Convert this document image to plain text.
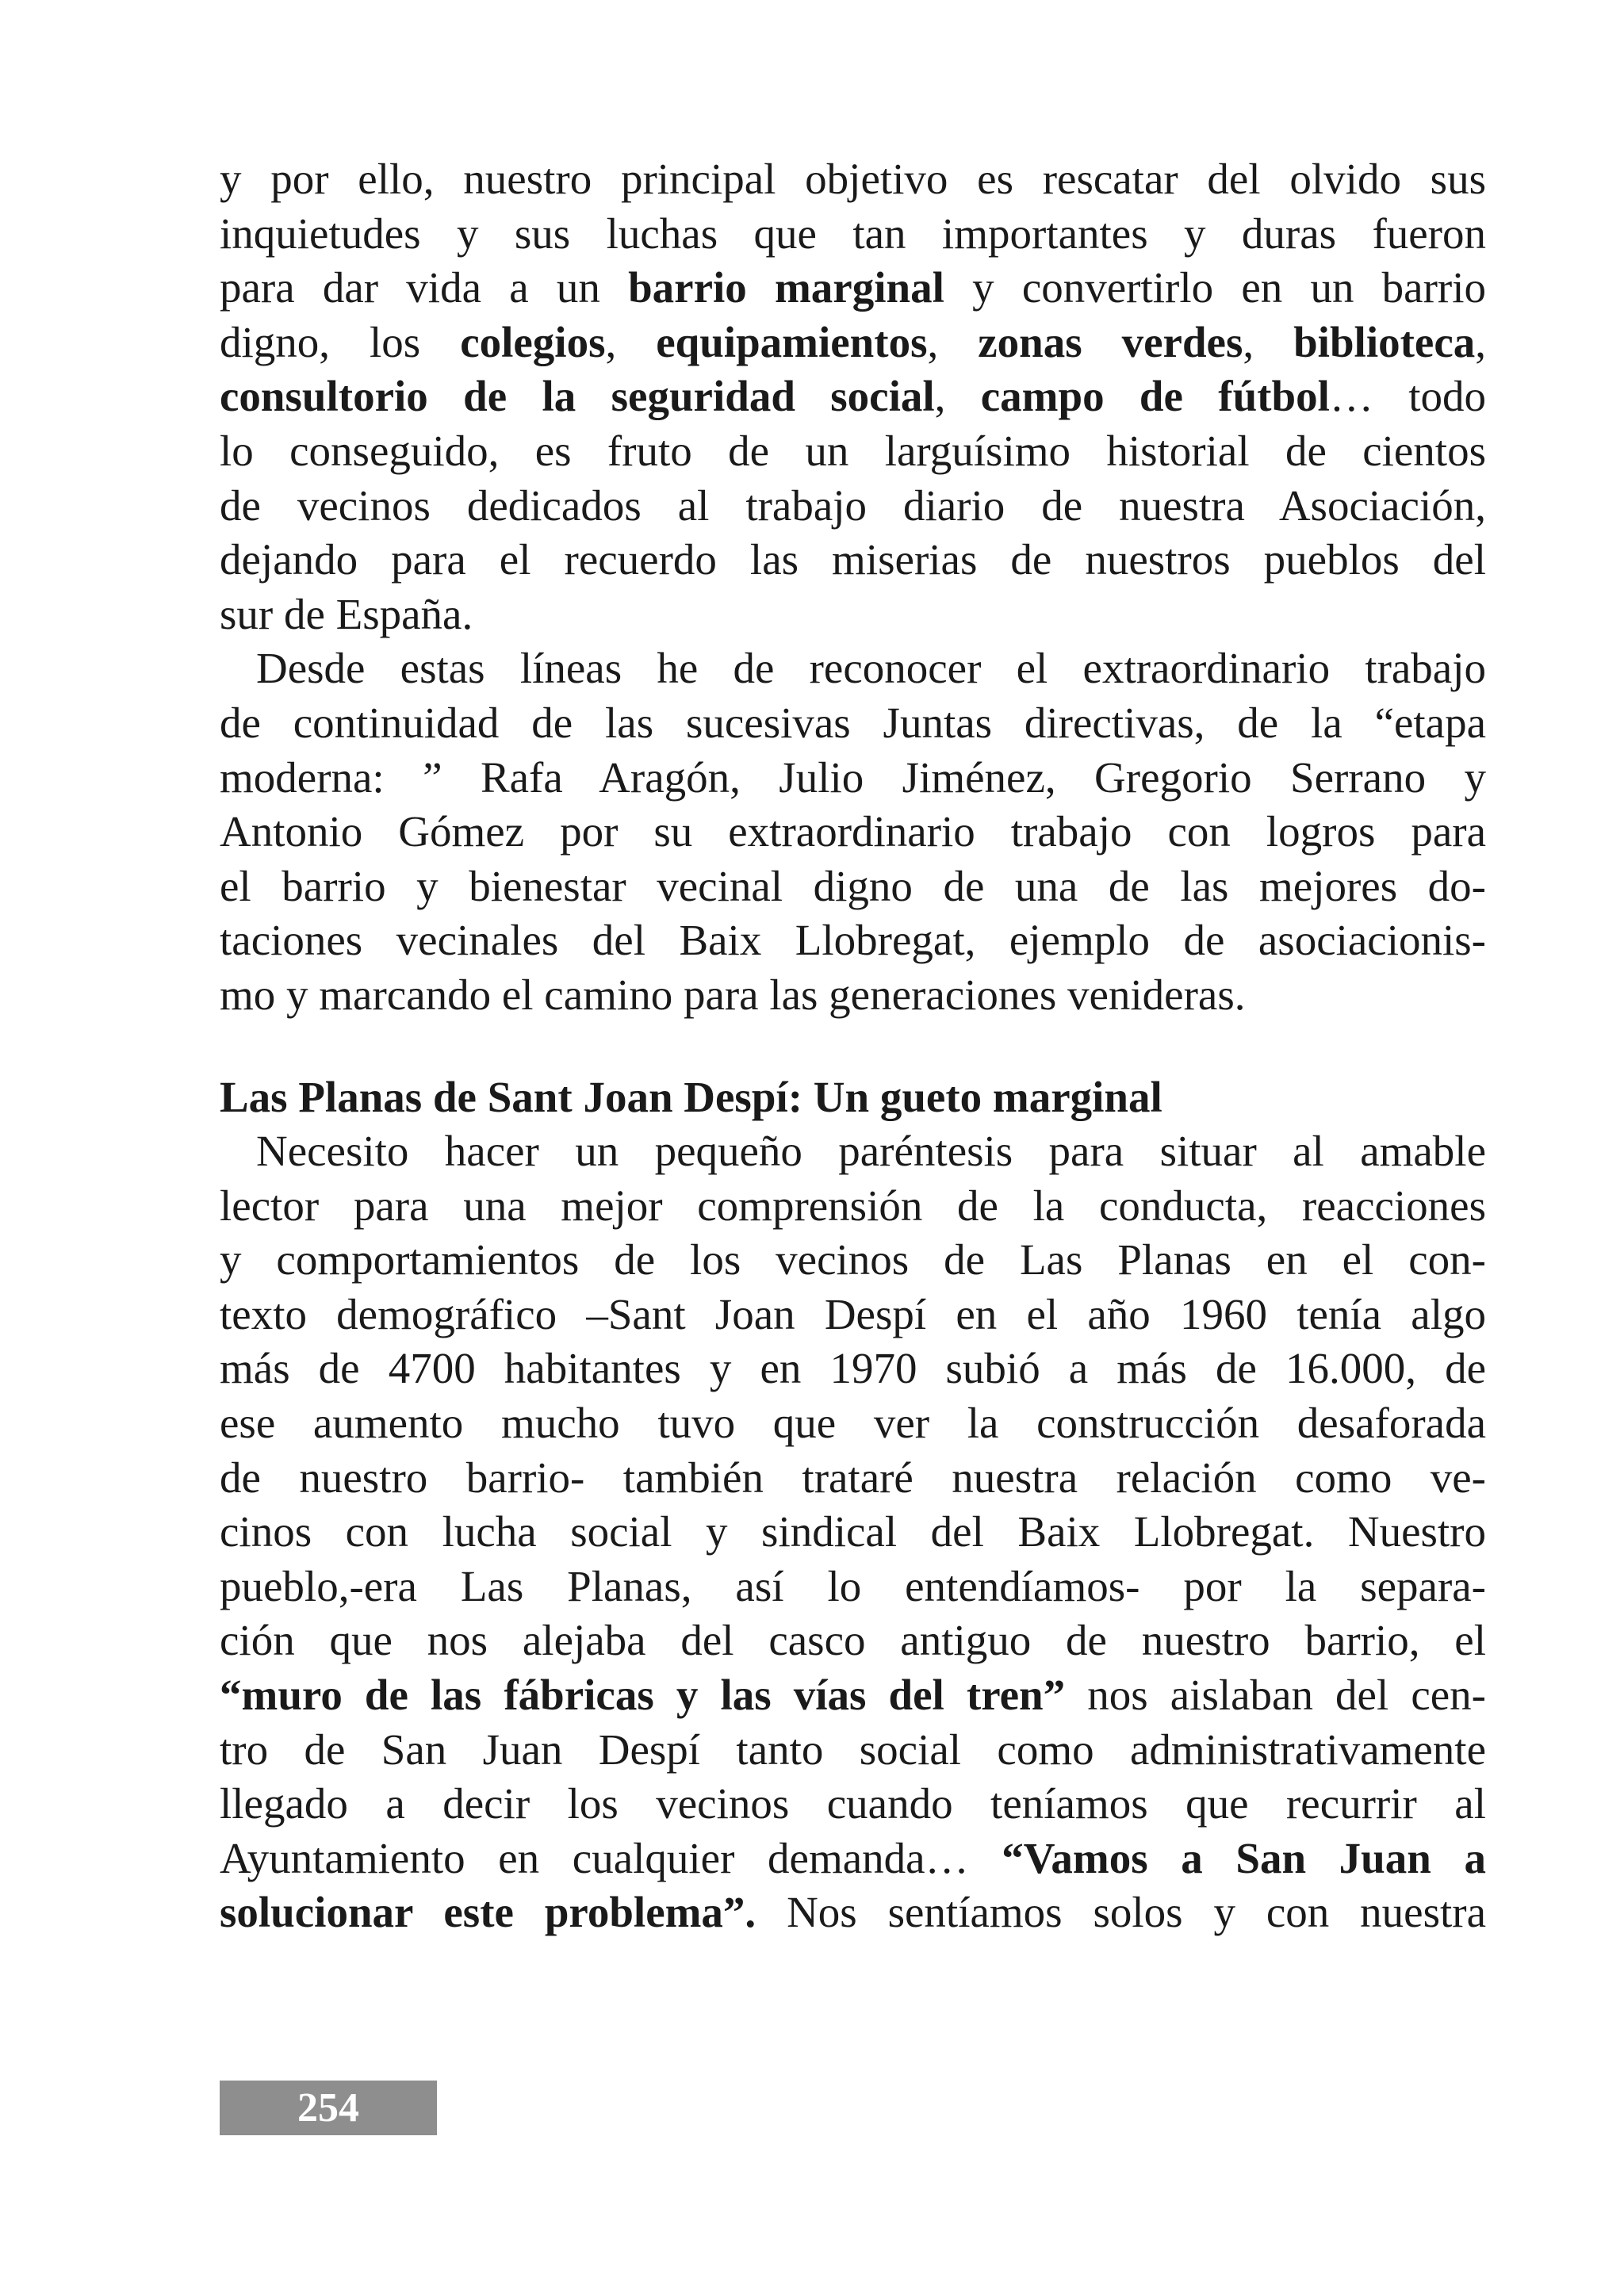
y por ello, nuestro principal objetivo es rescatar del olvido sus
inquietudes y sus luchas que tan importantes y duras fueron
para dar vida a un barrio marginal y convertirlo en un barrio
digno, los colegios, equipamientos, zonas verdes, biblioteca,
consultorio de la seguridad social, campo de fútbol… todo
lo conseguido, es fruto de un larguísimo historial de cientos
de vecinos dedicados al trabajo diario de nuestra Asociación,
dejando para el recuerdo las miserias de nuestros pueblos del
sur de España.
Desde estas líneas he de reconocer el extraordinario trabajo
de continuidad de las sucesivas Juntas directivas, de la “etapa
moderna: ” Rafa Aragón, Julio Jiménez, Gregorio Serrano y
Antonio Gómez por su extraordinario trabajo con logros para
el barrio y bienestar vecinal digno de una de las mejores do-
taciones vecinales del Baix Llobregat, ejemplo de asociacionis-
mo y marcando el camino para las generaciones venideras.
Las Planas de Sant Joan Despí: Un gueto marginal
Necesito hacer un pequeño paréntesis para situar al amable
lector para una mejor comprensión de la conducta, reacciones
y comportamientos de los vecinos de Las Planas en el con-
texto demográfico –Sant Joan Despí en el año 1960 tenía algo
más de 4700 habitantes y en 1970 subió a más de 16.000, de
ese aumento mucho tuvo que ver la construcción desaforada
de nuestro barrio- también trataré nuestra relación como ve-
cinos con lucha social y sindical del Baix Llobregat. Nuestro
pueblo,-era Las Planas, así lo entendíamos- por la separa-
ción que nos alejaba del casco antiguo de nuestro barrio, el
“muro de las fábricas y las vías del tren” nos aislaban del cen-
tro de San Juan Despí tanto social como administrativamente
llegado a decir los vecinos cuando teníamos que recurrir al
Ayuntamiento en cualquier demanda… “Vamos a San Juan a
solucionar este problema”. Nos sentíamos solos y con nuestra
254
